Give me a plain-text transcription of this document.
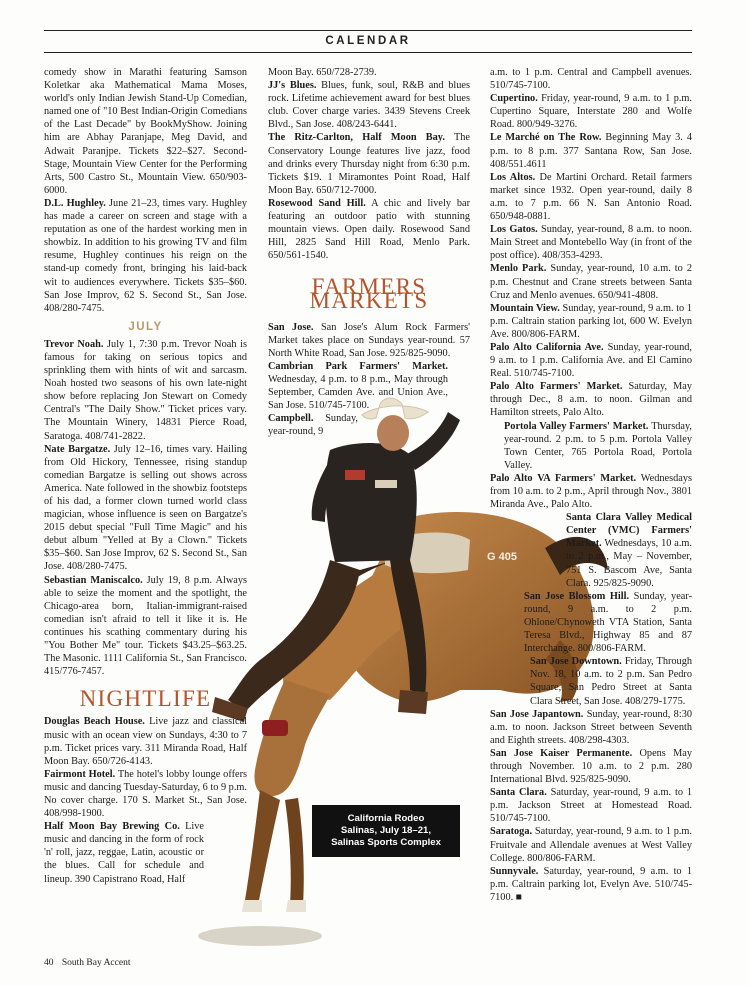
CALENDAR
G 405

comedy show in Marathi featuring Samson Koletkar aka Mathematical Mama Moses, world's only Indian Jewish Stand-Up Comedian, named one of "10 Best Indian-Origin Comedians of the Last Decade" by BookMyShow. Joining him are Abhay Paranjape, Meg David, and Adwait Paranjpe. Tickets $22–$27. Second-Stage, Mountain View Center for the Performing Arts, 500 Castro St., Mountain View. 650/903-6000.

D.L. Hughley. June 21–23, times vary. Hughley has made a career on screen and stage with a reputation as one of the hardest working men in showbiz. In addition to his growing TV and film resume, Hughley continues his reign on the stand-up comedy front, bringing his laid-back wit to audiences everywhere. Tickets $35–$60. San Jose Improv, 62 S. Second St., San Jose. 408/280-7475.

JULY

Trevor Noah. July 1, 7:30 p.m. Trevor Noah is famous for taking on serious topics and sprinkling them with hints of wit and sarcasm. Noah hosted two seasons of his own late-night show before replacing Jon Stewart on Comedy Central's "The Daily Show." Ticket prices vary. The Mountain Winery, 14831 Pierce Road, Saratoga. 408/741-2822.

Nate Bargatze. July 12–16, times vary. Hailing from Old Hickory, Tennessee, rising standup comedian Bargatze is selling out shows across America. Nate followed in the showbiz footsteps of his dad, a former clown turned world class magician, whose influence is seen on Bargatze's 2015 debut special "Full Time Magic" and his debut album "Yelled at By a Clown." Tickets $35–$60. San Jose Improv, 62 S. Second St., San Jose. 408/280-7475.

Sebastian Maniscalco. July 19, 8 p.m. Always able to seize the moment and the spotlight, the Chicago-area born, Italian-immigrant-raised comedian isn't afraid to tell it like it is. He continues his scathing commentary during his "You Bother Me" tour. Tickets $43.25–$63.25. The Masonic. 1111 California St., San Francisco. 415/776-7457.

NIGHTLIFE

Douglas Beach House. Live jazz and classical music with an ocean view on Sundays, 4:30 to 7 p.m. Ticket prices vary. 311 Miranda Road, Half Moon Bay. 650/726-4143.

Fairmont Hotel. The hotel's lobby lounge offers music and dancing Tuesday-Saturday, 6 to 9 p.m. No cover charge. 170 S. Market St., San Jose. 408/998-1900.

Half Moon Bay Brewing Co. Live music and dancing in the form of rock 'n' roll, jazz, reggae, Latin, acoustic or the blues. Call for schedule and lineup. 390 Capistrano Road, Half

Moon Bay. 650/728-2739.

JJ's Blues. Blues, funk, soul, R&B and blues rock. Lifetime achievement award for best blues club. Cover charge varies. 3439 Stevens Creek Blvd., San Jose. 408/243-6441.

The Ritz-Carlton, Half Moon Bay. The Conservatory Lounge features live jazz, food and drinks every Thursday night from 6:30 p.m. Tickets $19. 1 Miramontes Point Road, Half Moon Bay. 650/712-7000.

Rosewood Sand Hill. A chic and lively bar featuring an outdoor patio with stunning mountain views. Open daily. Rosewood Sand Hill, 2825 Sand Hill Road, Menlo Park. 650/561-1540.

FARMERS MARKETS

San Jose. San Jose's Alum Rock Farmers' Market takes place on Sundays year-round. 57 North White Road, San Jose. 925/825-9090.

Cambrian Park Farmers' Market. Wednesday, 4 p.m. to 8 p.m., May through September, Camden Ave. and Union Ave., San Jose. 510/745-7100.

Campbell. Sunday, year-round, 9

a.m. to 1 p.m. Central and Campbell avenues. 510/745-7100.

Cupertino. Friday, year-round, 9 a.m. to 1 p.m. Cupertino Square, Interstate 280 and Wolfe Road. 800/949-3276.

Le Marché on The Row. Beginning May 3. 4 p.m. to 8 p.m. 377 Santana Row, San Jose. 408/551.4611

Los Altos. De Martini Orchard. Retail farmers market since 1932. Open year-round, daily 8 a.m. to 7 p.m. 66 N. San Antonio Road. 650/948-0881.

Los Gatos. Sunday, year-round, 8 a.m. to noon. Main Street and Montebello Way (in front of the post office). 408/353-4293.

Menlo Park. Sunday, year-round, 10 a.m. to 2 p.m. Chestnut and Crane streets between Santa Cruz and Menlo avenues. 650/941-4808.

Mountain View. Sunday, year-round, 9 a.m. to 1 p.m. Caltrain station parking lot, 600 W. Evelyn Ave. 800/806-FARM.

Palo Alto California Ave. Sunday, year-round, 9 a.m. to 1 p.m. California Ave. and El Camino Real. 510/745-7100.

Palo Alto Farmers' Market. Saturday, May through Dec., 8 a.m. to noon. Gilman and Hamilton streets, Palo Alto.

Portola Valley Farmers' Market. Thursday, year-round. 2 p.m. to 5 p.m. Portola Valley Town Center, 765 Portola Road, Portola Valley.

Palo Alto VA Farmers' Market. Wednesdays from 10 a.m. to 2 p.m., April through Nov., 3801 Miranda Ave., Palo Alto.

Santa Clara Valley Medical Center (VMC) Farmers' Market. Wednesdays, 10 a.m. to 2 p.m., May – November, 751 S. Bascom Ave, Santa Clara. 925/825-9090.

San Jose Blossom Hill. Sunday, year-round, 9 a.m. to 2 p.m. Ohlone/Chynoweth VTA Station, Santa Teresa Blvd., Highway 85 and 87 Interchange. 800/806-FARM.

San Jose Downtown. Friday, Through Nov. 18, 10 a.m. to 2 p.m. San Pedro Square, San Pedro Street at Santa Clara Street, San Jose. 408/279-1775.

San Jose Japantown. Sunday, year-round, 8:30 a.m. to noon. Jackson Street between Seventh and Eighth streets. 408/298-4303.

San Jose Kaiser Permanente. Opens May through November. 10 a.m. to 2 p.m. 280 International Blvd. 925/825-9090.

Santa Clara. Saturday, year-round, 9 a.m. to 1 p.m. Jackson Street at Homestead Road. 510/745-7100.

Saratoga. Saturday, year-round, 9 a.m. to 1 p.m. Fruitvale and Allendale avenues at West Valley College. 800/806-FARM.

Sunnyvale. Saturday, year-round, 9 a.m. to 1 p.m. Caltrain parking lot, Evelyn Ave. 510/745-7100. ■

California Rodeo
Salinas, July 18–21,
Salinas Sports Complex
40 South Bay Accent
